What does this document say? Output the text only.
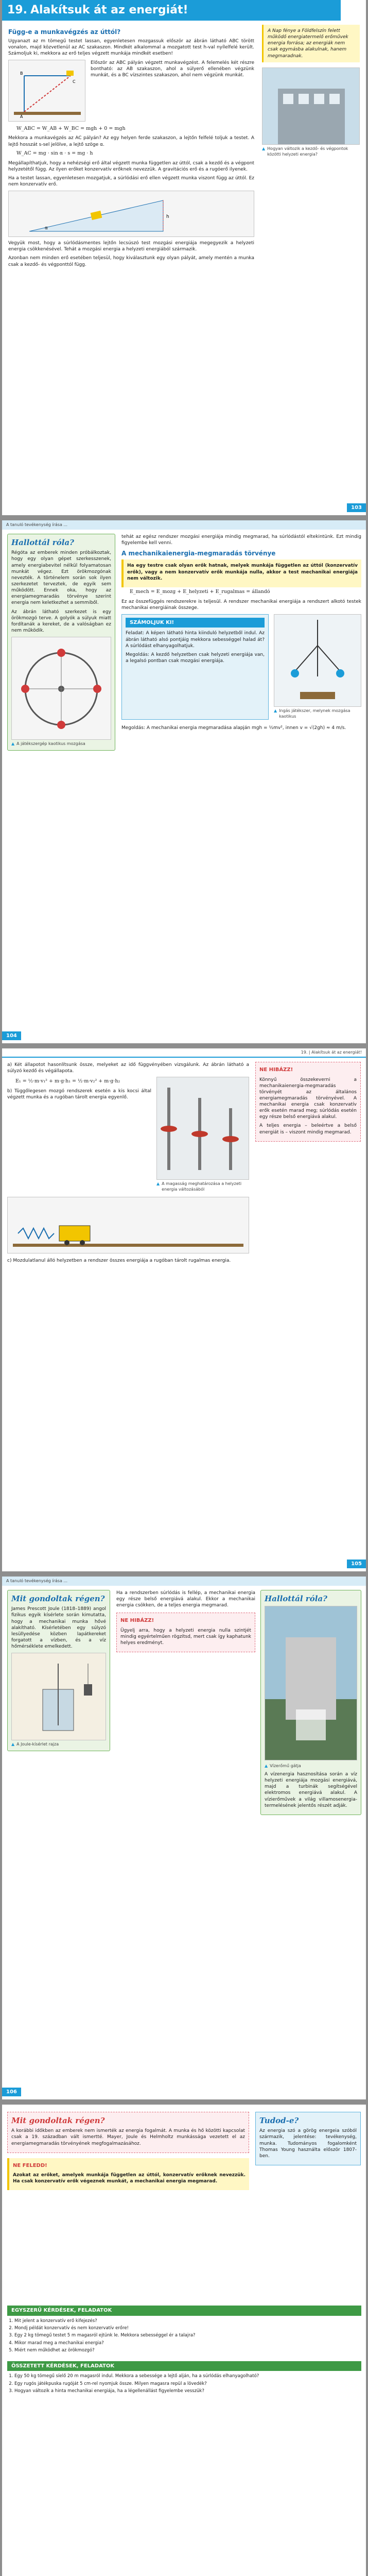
19. Alakítsuk át az energiát!
Függ-e a munkavégzés az úttól?

Ugyanazt az m tömegű testet lassan, egyenletesen mozgassuk először az ábrán látható ABC törött vonalon, majd közvetlenül az AC szakaszon. Mindkét alkalommal a mozgatott test h-val nyílelfelé került. Számoljuk ki, mekkora az erő teljes végzett munkája mindkét esetben!

A
B
C

Először az ABC pályán végzett munkavégzést. A felemelés két részre bontható: az AB szakaszon, ahol a súlyerő ellenében végzünk munkát, és a BC vízszintes szakaszon, ahol nem végzünk munkát.

W_ABC = W_AB + W_BC = mgh + 0 = mgh

Mekkora a munkavégzés az AC pályán? Az egy helyen ferde szakaszon, a lejtőn felfelé toljuk a testet. A lejtő hosszát s-sel jelölve, a lejtő szöge α.

W_AC = mg · sin α · s = mg · h

Megállapíthatjuk, hogy a nehézségi erő által végzett munka független az úttól, csak a kezdő és a végpont helyzetétől függ. Az ilyen erőket konzervatív erőknek nevezzük. A gravitációs erő és a rugóerő ilyenek.

Ha a testet lassan, egyenletesen mozgatjuk, a súrlódási erő ellen végzett munka viszont függ az úttól. Ez nem konzervatív erő.

h
α

Vegyük most, hogy a súrlódásmentes lejtőn lecsúszó test mozgási energiája megegyezik a helyzeti energia csökkenésével. Tehát a mozgási energia a helyzeti energiából származik.

Azonban nem minden erő esetében teljesül, hogy kiválasztunk egy olyan pályát, amely mentén a munka csak a kezdő- és végponttól függ.

A Nap fénye a Földfelszín felett működő energiatermelő erőművek energia forrása; az energiák nem csak egymásba alakulnak, hanem megmaradnak.
▲ Hogyan változik a kezdő- és végpontok közötti helyzeti energia?
103
A tanuló tevékenység írása ...
Hallottál róla?

Régóta az emberek minden próbálkoztak, hogy egy olyan gépet szerkesszenek, amely energiabevitel nélkül folyamatosan munkát végez. Ezt örökmozgónak nevezték. A történelem során sok ilyen szerkezetet terveztek, de egyik sem működött. Ennek oka, hogy az energiamegmaradás törvénye szerint energia nem keletkezhet a semmiből.

Az ábrán látható szerkezet is egy örökmozgó terve. A golyók a súlyuk miatt fordítanák a kereket, de a valóságban ez nem működik.

▲ A játékszergép kaotikus mozgása

tehát az egész rendszer mozgási energiája mindig megmarad, ha súrlódástól eltekintünk. Ezt mindig figyelembe kell venni.

A mechanikaienergia-megmaradás törvénye

Ha egy testre csak olyan erők hatnak, melyek munkája független az úttól (konzervatív erők), vagy a nem konzervatív erők munkája nulla, akkor a test mechanikai energiája nem változik.

E_mech = E_mozg + E_helyzeti + E_rugalmas = állandó

Ez az összefüggés rendszerekre is teljesül. A rendszer mechanikai energiája a rendszert alkotó testek mechanikai energiáinak összege.

SZÁMOLJUK KI!

Feladat: A képen látható hinta kiinduló helyzetből indul. Az ábrán látható alsó pontjáig mekkora sebességgel halad át? A súrlódást elhanyagolhatjuk.

Megoldás: A kezdő helyzetben csak helyzeti energiája van, a legalsó pontban csak mozgási energiája.

▲ Ingás játékszer, melynek mozgása kaotikus

Megoldás: A mechanikai energia megmaradása alapján mgh = ½mv², innen v = √(2gh) ≈ 4 m/s.

104
19. | Alakítsuk át az energiát!

a) Két állapotot hasonlítsunk össze, melyeket az idő függvényében vizsgálunk. Az ábrán látható a súlyzó kezdő és végállapota.

E₁ = ½·m·v₁² + m·g·h₁ = ½·m·v₂² + m·g·h₂

b) Tüggőlegesen mozgó rendszerek esetén a kis kocsi által végzett munka és a rugóban tárolt energia egyenlő.

▲ A magasság meghatározása a helyzeti energia változásából

c) Mozdulatlanul álló helyzetben a rendszer összes energiája a rugóban tárolt rugalmas energia.

NE HIBÁZZ!

Könnyű összekeverni a mechanikaienergia-megmaradás törvényét az általános energiamegmaradás törvényével. A mechanikai energia csak konzervatív erők esetén marad meg; súrlódás esetén egy része belső energiává alakul.

A teljes energia – beleértve a belső energiát is – viszont mindig megmarad.

105
A tanuló tevékenység írása ...
Mit gondoltak régen?

James Prescott Joule (1818–1889) angol fizikus egyik kísérlete során kimutatta, hogy a mechanikai munka hővé alakítható. Kísérletében egy súlyzó lesüllyedése közben lapátkereket forgatott a vízben, és a víz hőmérséklete emelkedett.

▲ A Joule-kísérlet rajza

Ha a rendszerben súrlódás is fellép, a mechanikai energia egy része belső energiává alakul. Ekkor a mechanikai energia csökken, de a teljes energia megmarad.

NE HIBÁZZ!

Ügyelj arra, hogy a helyzeti energia nulla szintjét mindig egyértelműen rögzítsd, mert csak így kaphatunk helyes eredményt.

Hallottál róla?
▲ Vízerőmű gátja

A vízenergia hasznosítása során a víz helyzeti energiája mozgási energiává, majd a turbinák segítségével elektromos energiává alakul. A vízierőművek a világ villamosenergia-termelésének jelentős részét adják.

106
Mit gondoltak régen?

A korábbi időkben az emberek nem ismerték az energia fogalmát. A munka és hő közötti kapcsolat csak a 19. században vált ismertté. Mayer, Joule és Helmholtz munkássága vezetett el az energiamegmaradás törvényének megfogalmazásához.

NE FELEDD!

Azokat az erőket, amelyek munkája független az úttól, konzervatív erőknek nevezzük. Ha csak konzervatív erők végeznek munkát, a mechanikai energia megmarad.

Tudod-e?

Az energia szó a görög energeia szóból származik, jelentése: tevékenység, munka. Tudományos fogalomként Thomas Young használta először 1807-ben.

EGYSZERŰ KÉRDÉSEK, FELADATOK
1. Mit jelent a konzervatív erő kifejezés?
2. Mondj példát konzervatív és nem konzervatív erőre!
3. Egy 2 kg tömegű testet 5 m magasról ejtünk le. Mekkora sebességgel ér a talajra?
4. Mikor marad meg a mechanikai energia?
5. Miért nem működhet az örökmozgó?
ÖSSZETETT KÉRDÉSEK, FELADATOK
1. Egy 50 kg tömegű síelő 20 m magasról indul. Mekkora a sebessége a lejtő alján, ha a súrlódás elhanyagolható?
2. Egy rugós játékpuska rugóját 5 cm-rel nyomjuk össze. Milyen magasra repül a lövedék?
3. Hogyan változik a hinta mechanikai energiája, ha a légellenállást figyelembe vesszük?
